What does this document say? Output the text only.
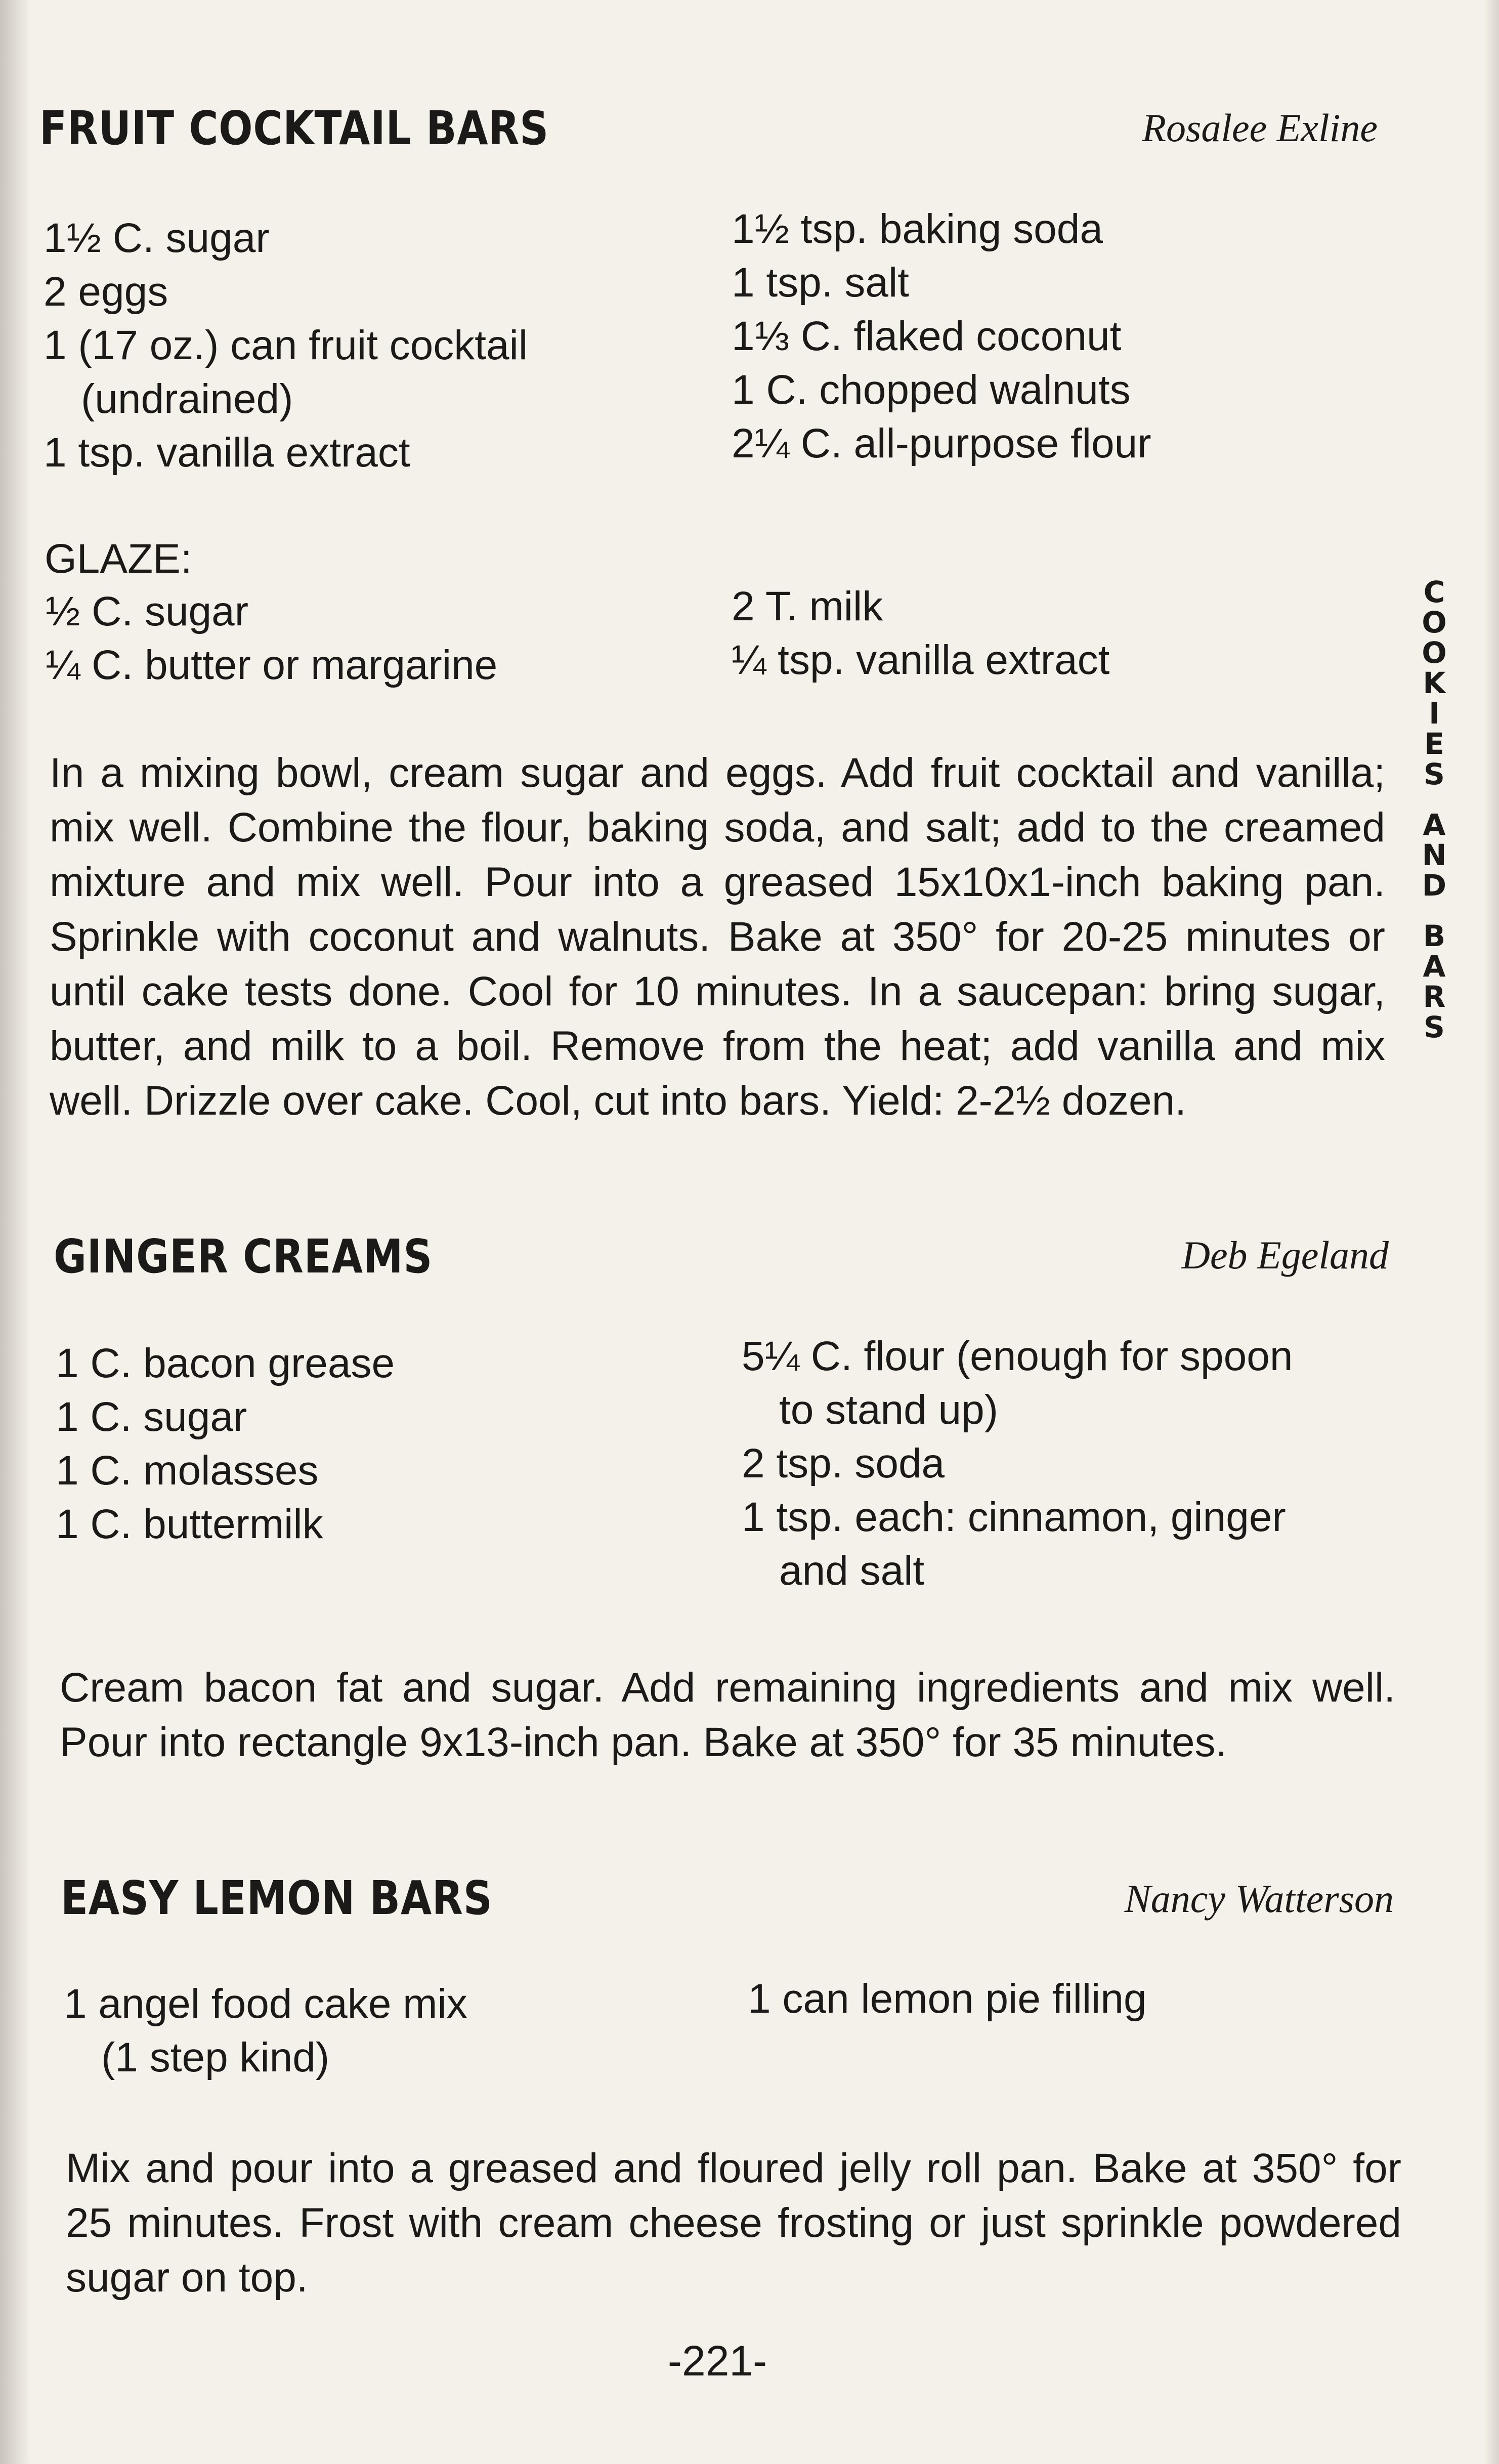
FRUIT COCKTAIL BARS	Rosalee Exline
1½ C. sugar
2 eggs
1 (17 oz.) can fruit cocktail
(undrained)
1 tsp. vanilla extract
1½ tsp. baking soda
1 tsp. salt
1⅓ C. flaked coconut
1 C. chopped walnuts
2¼ C. all-purpose flour
GLAZE:
½ C. sugar
¼ C. butter or margarine
2 T. milk
¼ tsp. vanilla extract
In a mixing bowl, cream sugar and eggs. Add fruit cocktail and vanilla; mix well. Combine the flour, baking soda, and salt; add to the creamed mixture and mix well. Pour into a greased 15x10x1-inch baking pan. Sprinkle with coconut and walnuts. Bake at 350° for 20-25 minutes or until cake tests done. Cool for 10 minutes. In a saucepan: bring sugar, butter, and milk to a boil. Remove from the heat; add vanilla and mix well. Drizzle over cake. Cool, cut into bars. Yield: 2-2½ dozen.
C
O
O
K
I
E
S
A
N
D
B
A
R
S
GINGER CREAMS	Deb Egeland
1 C. bacon grease
1 C. sugar
1 C. molasses
1 C. buttermilk
5¼ C. flour (enough for spoon
to stand up)
2 tsp. soda
1 tsp. each: cinnamon, ginger
and salt
Cream bacon fat and sugar. Add remaining ingredients and mix well. Pour into rectangle 9x13-inch pan. Bake at 350° for 35 minutes.
EASY LEMON BARS	Nancy Watterson
1 angel food cake mix
(1 step kind)
1 can lemon pie filling
Mix and pour into a greased and floured jelly roll pan. Bake at 350° for 25 minutes. Frost with cream cheese frosting or just sprinkle powdered sugar on top.
-221-
